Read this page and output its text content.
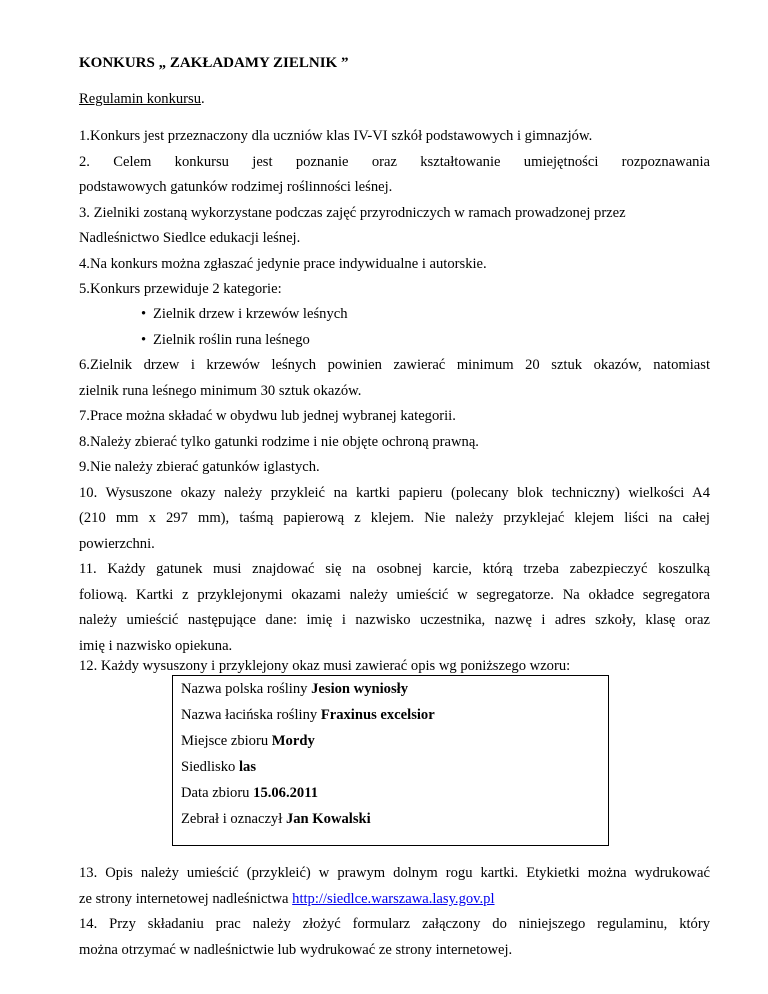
KONKURS „ ZAKŁADAMY ZIELNIK ”
Regulamin konkursu.
1.Konkurs jest przeznaczony dla uczniów klas IV-VI szkół podstawowych i gimnazjów.
2. Celem konkursu jest poznanie oraz kształtowanie umiejętności rozpoznawania
podstawowych gatunków rodzimej roślinności leśnej.
3. Zielniki zostaną wykorzystane podczas zajęć przyrodniczych w ramach prowadzonej przez
Nadleśnictwo Siedlce edukacji leśnej.
4.Na konkurs można zgłaszać jedynie prace indywidualne i autorskie.
5.Konkurs przewiduje 2 kategorie:
• Zielnik drzew i krzewów leśnych
• Zielnik roślin runa leśnego
6.Zielnik drzew i krzewów leśnych powinien zawierać minimum 20 sztuk okazów, natomiast
zielnik runa leśnego minimum 30 sztuk okazów.
7.Prace można składać w obydwu lub jednej wybranej kategorii.
8.Należy zbierać tylko gatunki rodzime i nie objęte ochroną prawną.
9.Nie należy zbierać gatunków iglastych.
10. Wysuszone okazy należy przykleić na kartki papieru (polecany blok techniczny) wielkości A4
(210 mm x 297 mm), taśmą papierową z klejem. Nie należy przyklejać klejem liści na całej
powierzchni.
11. Każdy gatunek musi znajdować się na osobnej karcie, którą trzeba zabezpieczyć koszulką
foliową. Kartki z przyklejonymi okazami należy umieścić w segregatorze. Na okładce segregatora
należy umieścić następujące dane: imię i nazwisko uczestnika, nazwę i adres szkoły, klasę oraz
imię i nazwisko opiekuna.
12. Każdy wysuszony i przyklejony okaz musi zawierać opis wg poniższego wzoru:
Nazwa polska rośliny Jesion wyniosły
Nazwa łacińska rośliny Fraxinus excelsior
Miejsce zbioru Mordy
Siedlisko las
Data zbioru 15.06.2011
Zebrał i oznaczył Jan Kowalski
13. Opis należy umieścić (przykleić) w prawym dolnym rogu kartki. Etykietki można wydrukować
ze strony internetowej nadleśnictwa http://siedlce.warszawa.lasy.gov.pl
14. Przy składaniu prac należy złożyć formularz załączony do niniejszego regulaminu, który
można otrzymać w nadleśnictwie lub wydrukować ze strony internetowej.
